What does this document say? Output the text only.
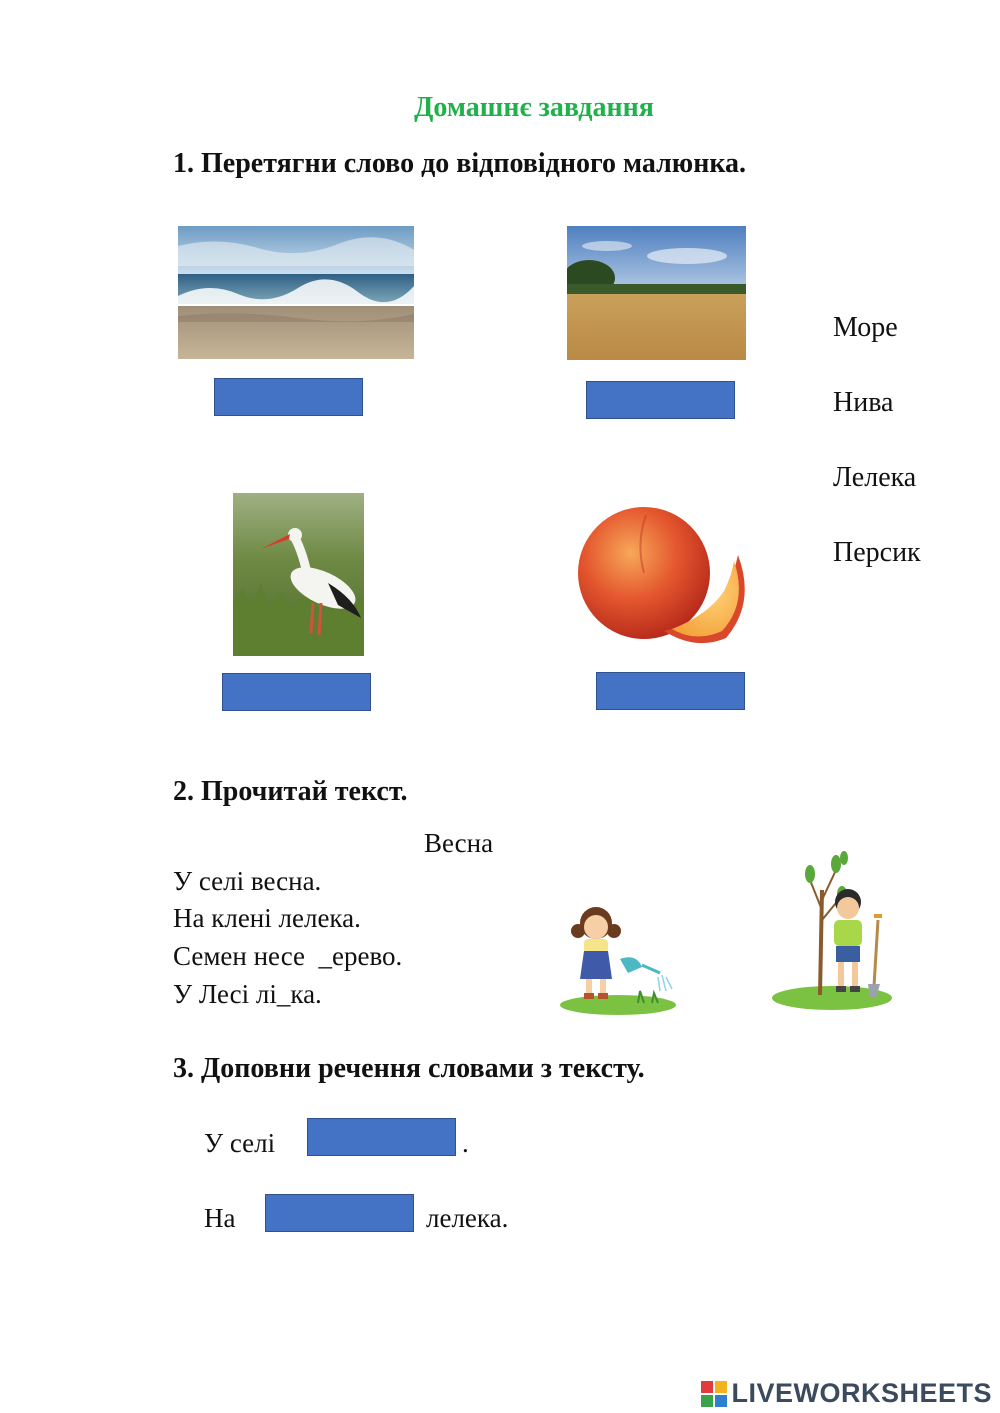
Домашнє завдання
1. Перетягни слово до відповідного малюнка.
Море
Нива
Лелека
Персик
2. Прочитай текст.
Весна
У селі весна.
На клені лелека.
Семен несе  _ерево.
У Лесі лі_ка.
3. Доповни речення словами з тексту.
У селі	.
На	лелека.
LIVEWORKSHEETS
